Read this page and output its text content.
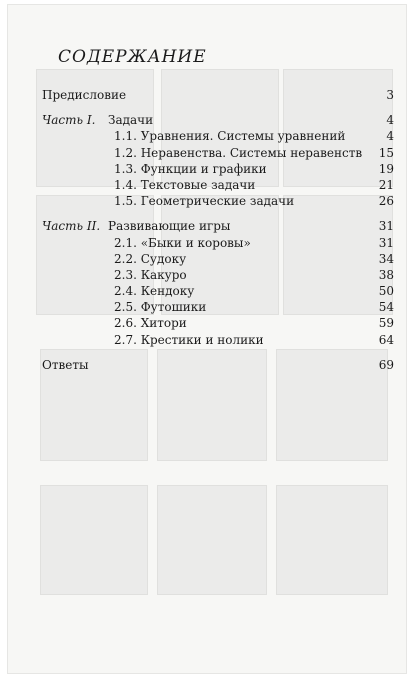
СОДЕРЖАНИЕ
Предисловие	3
Часть I. Задачи	4
1.1. Уравнения. Системы уравнений	4
1.2. Неравенства. Системы неравенств 15
1.3. Функции и графики	19
1.4. Текстовые задачи	21
1.5. Геометрические задачи	26
Часть II. Развивающие игры	31
2.1. «Быки и коровы»	31
2.2. Судоку	34
2.3. Какуро	38
2.4. Кендоку	50
2.5. Футошики	54
2.6. Хитори	59
2.7. Крестики и нолики	64
Ответы	69
